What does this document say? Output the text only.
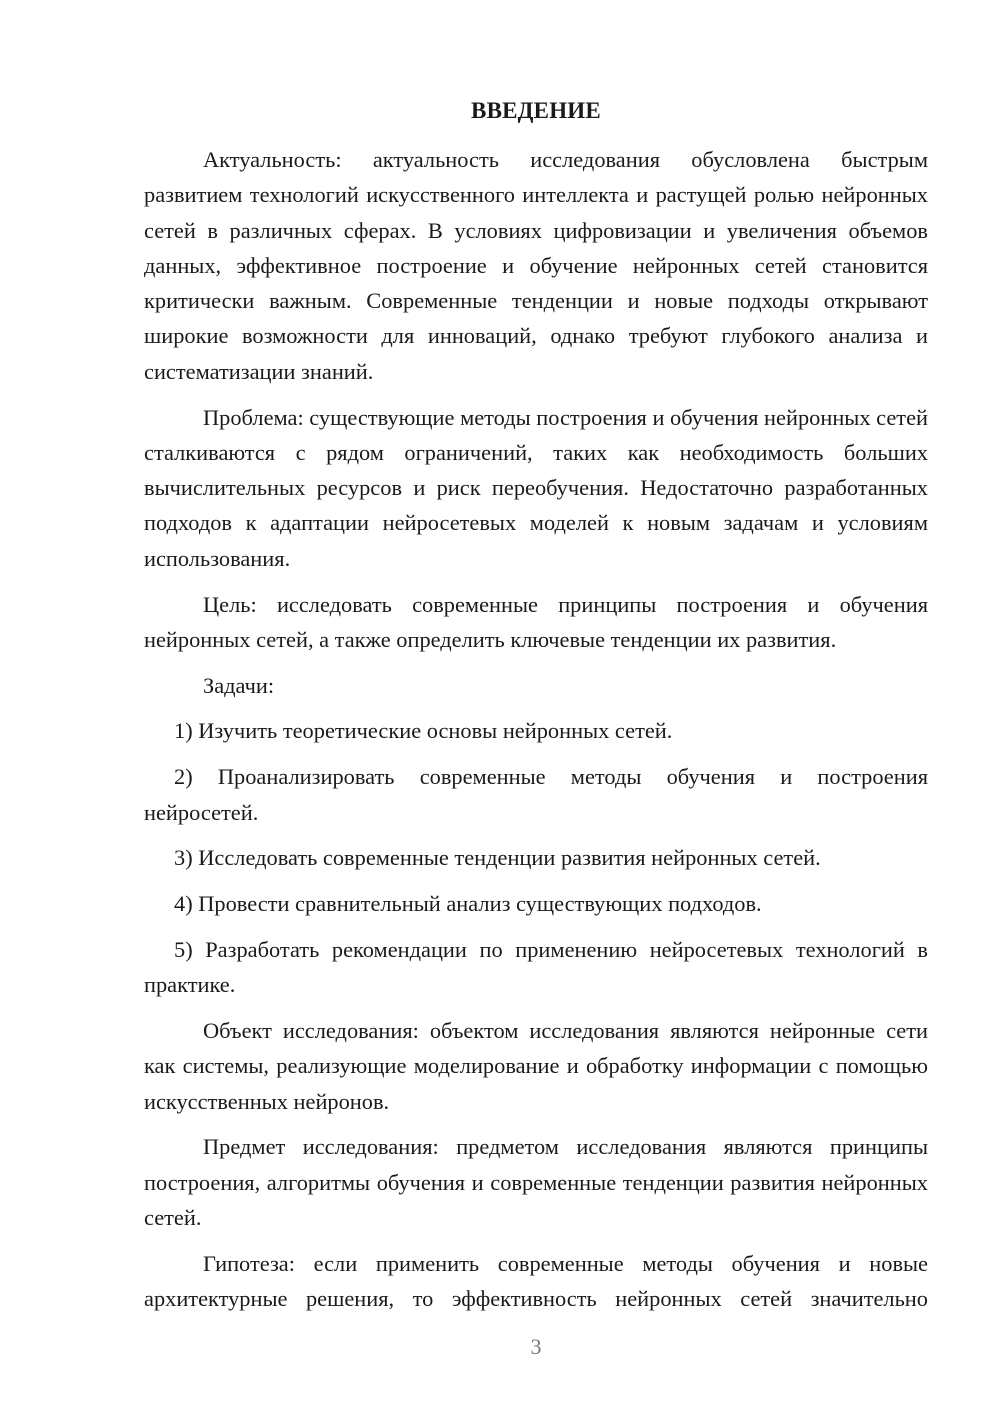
ВВЕДЕНИЕ

Актуальность: актуальность исследования обусловлена быстрым развитием технологий искусственного интеллекта и растущей ролью нейронных сетей в различных сферах. В условиях цифровизации и увеличения объемов данных, эффективное построение и обучение нейронных сетей становится критически важным. Современные тенденции и новые подходы открывают широкие возможности для инноваций, однако требуют глубокого анализа и систематизации знаний.

Проблема: существующие методы построения и обучения нейронных сетей сталкиваются с рядом ограничений, таких как необходимость больших вычислительных ресурсов и риск переобучения. Недостаточно разработанных подходов к адаптации нейросетевых моделей к новым задачам и условиям использования.

Цель: исследовать современные принципы построения и обучения нейронных сетей, а также определить ключевые тенденции их развития.

Задачи:

1) Изучить теоретические основы нейронных сетей.

2) Проанализировать современные методы обучения и построения нейросетей.

3) Исследовать современные тенденции развития нейронных сетей.

4) Провести сравнительный анализ существующих подходов.

5) Разработать рекомендации по применению нейросетевых технологий в практике.

Объект исследования: объектом исследования являются нейронные сети как системы, реализующие моделирование и обработку информации с помощью искусственных нейронов.

Предмет исследования: предметом исследования являются принципы построения, алгоритмы обучения и современные тенденции развития нейронных сетей.

Гипотеза: если применить современные методы обучения и новые архитектурные решения, то эффективность нейронных сетей значительно

3
